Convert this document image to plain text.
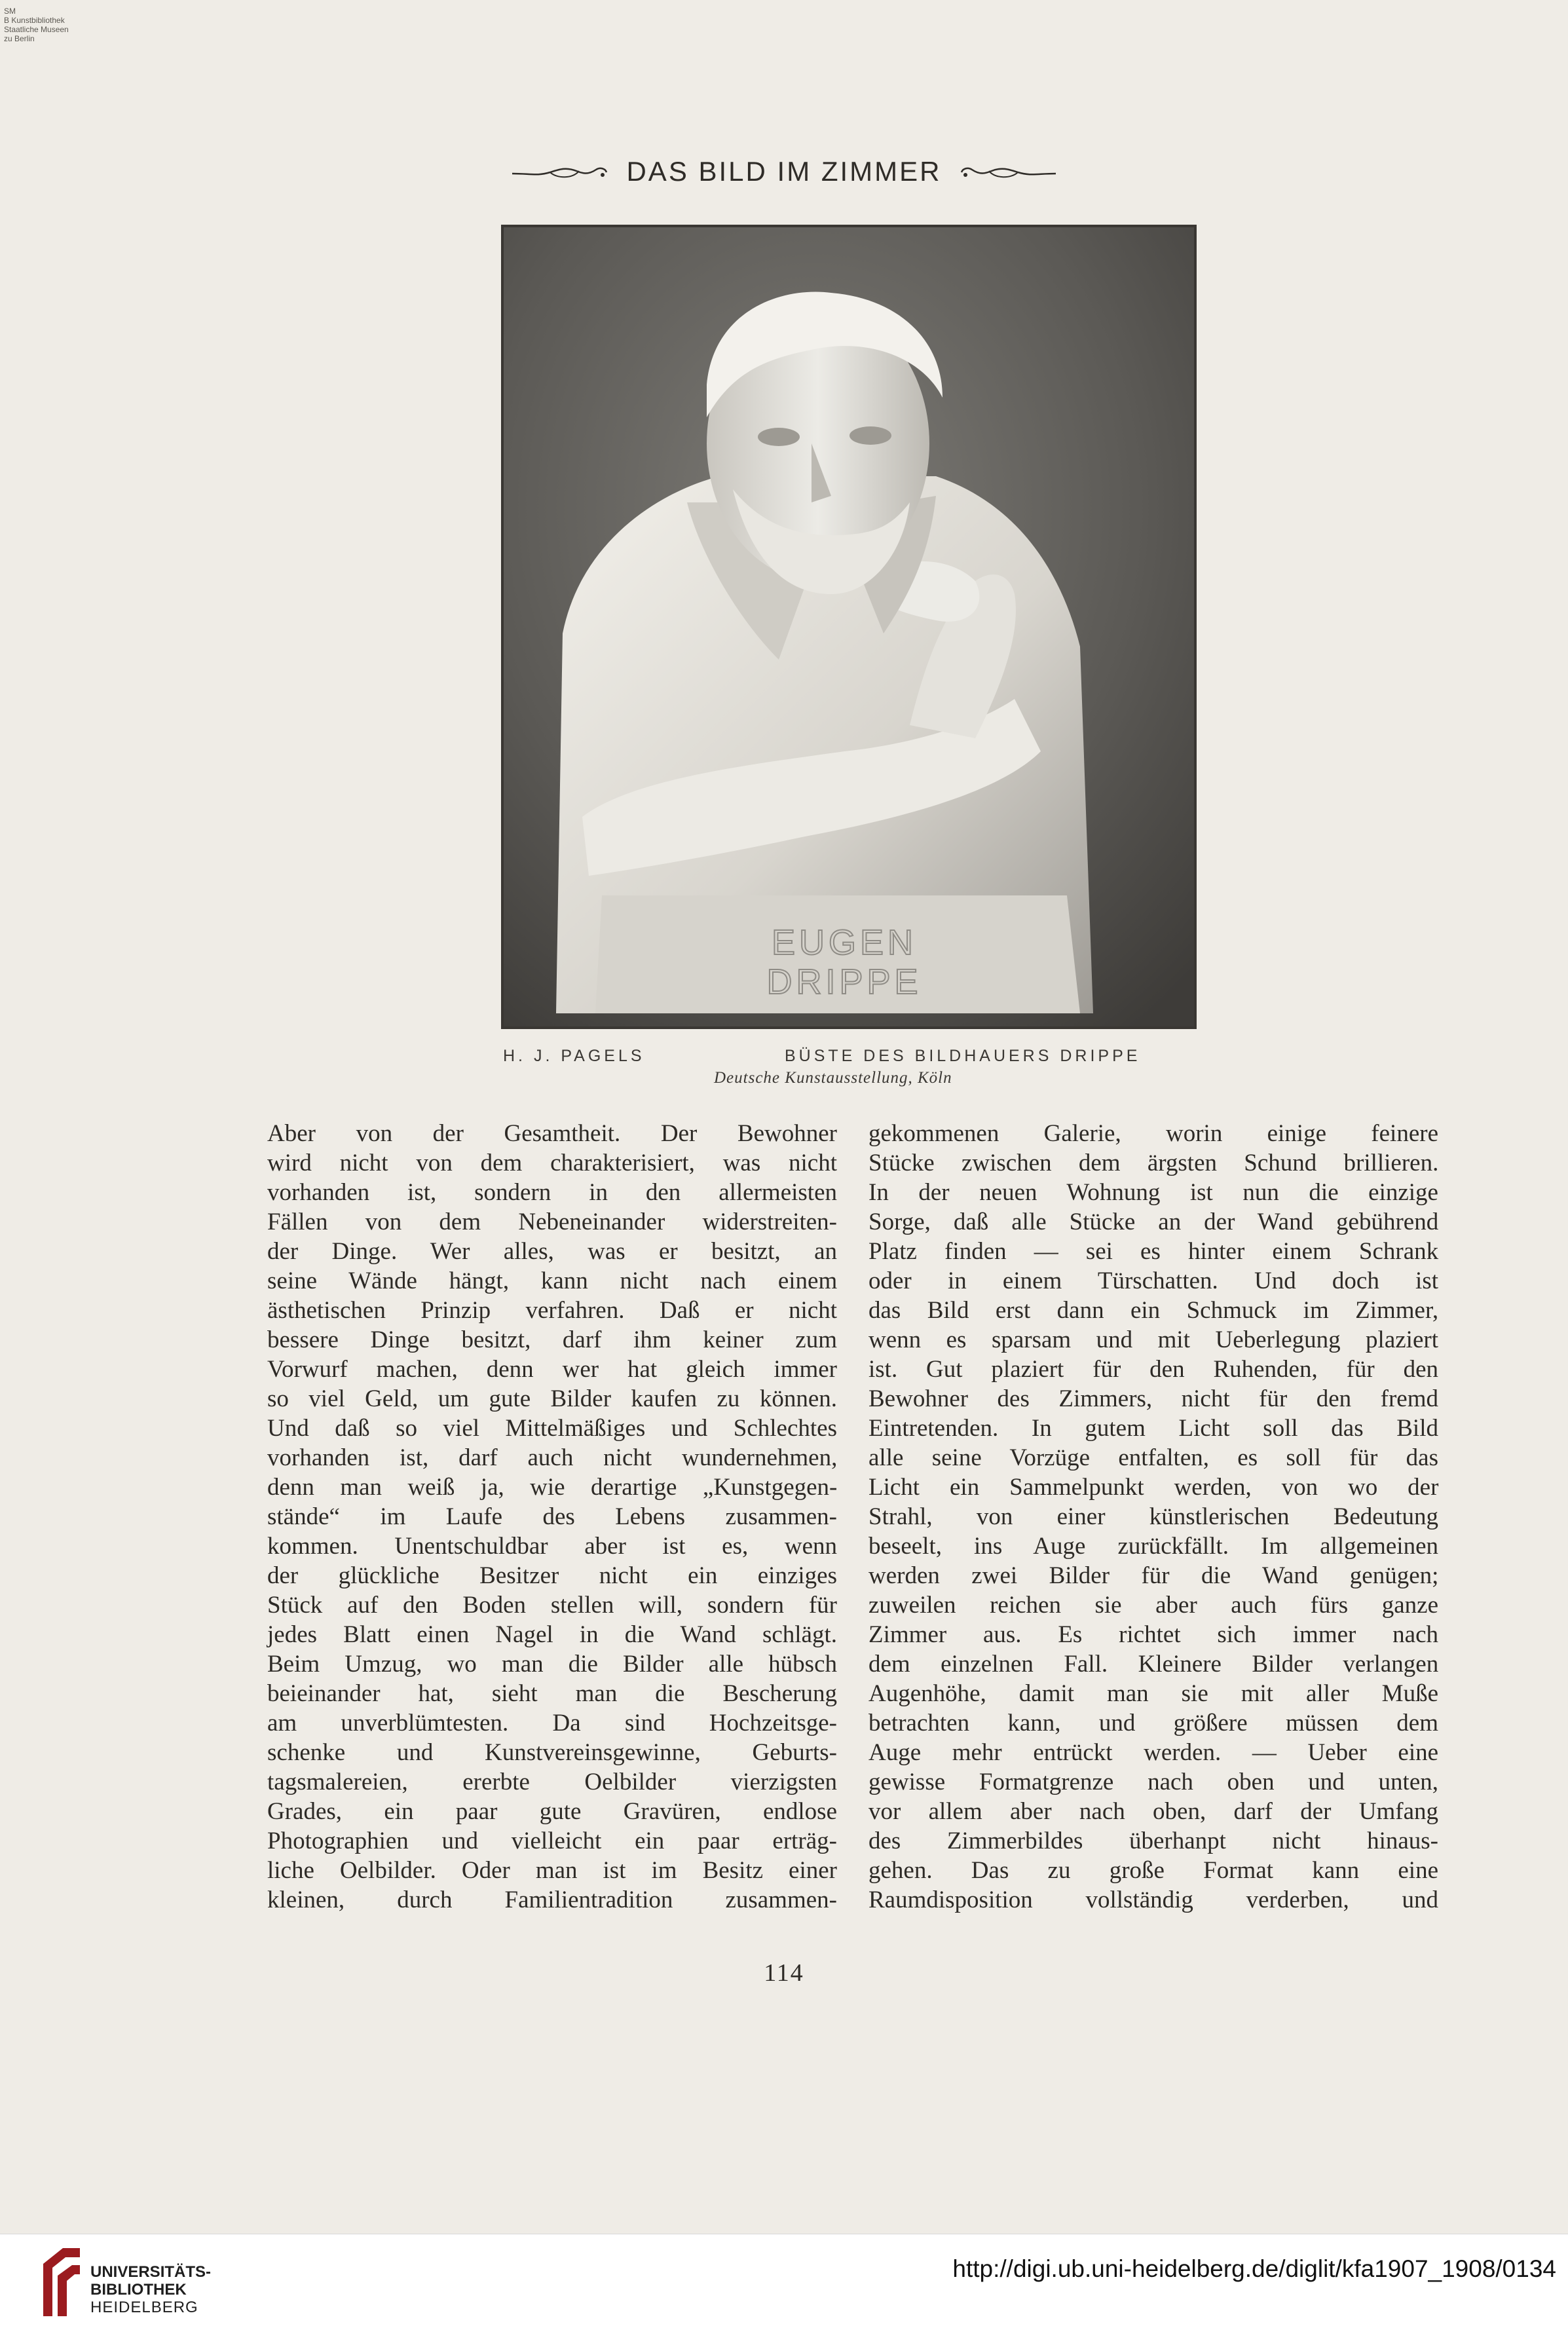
SM
B Kunstbibliothek
Staatliche Museen
zu Berlin
DAS BILD IM ZIMMER
EUGEN
DRIPPE
H. J. PAGELS	BÜSTE DES BILDHAUERS DRIPPE
Deutsche Kunstausstellung, Köln
Aber von der Gesamtheit. Der Bewohner
wird nicht von dem charakterisiert, was nicht
vorhanden ist, sondern in den allermeisten
Fällen von dem Nebeneinander widerstreiten-
der Dinge. Wer alles, was er besitzt, an
seine Wände hängt, kann nicht nach einem
ästhetischen Prinzip verfahren. Daß er nicht
bessere Dinge besitzt, darf ihm keiner zum
Vorwurf machen, denn wer hat gleich immer
so viel Geld, um gute Bilder kaufen zu können.
Und daß so viel Mittelmäßiges und Schlechtes
vorhanden ist, darf auch nicht wundernehmen,
denn man weiß ja, wie derartige „Kunstgegen-
stände“ im Laufe des Lebens zusammen-
kommen. Unentschuldbar aber ist es, wenn
der glückliche Besitzer nicht ein einziges
Stück auf den Boden stellen will, sondern für
jedes Blatt einen Nagel in die Wand schlägt.
Beim Umzug, wo man die Bilder alle hübsch
beieinander hat, sieht man die Bescherung
am unverblümtesten. Da sind Hochzeitsge-
schenke und Kunstvereinsgewinne, Geburts-
tagsmalereien, ererbte Oelbilder vierzigsten
Grades, ein paar gute Gravüren, endlose
Photographien und vielleicht ein paar erträg-
liche Oelbilder. Oder man ist im Besitz einer
kleinen, durch Familientradition zusammen-
gekommenen Galerie, worin einige feinere
Stücke zwischen dem ärgsten Schund brillieren.
In der neuen Wohnung ist nun die einzige
Sorge, daß alle Stücke an der Wand gebührend
Platz finden — sei es hinter einem Schrank
oder in einem Türschatten. Und doch ist
das Bild erst dann ein Schmuck im Zimmer,
wenn es sparsam und mit Ueberlegung plaziert
ist. Gut plaziert für den Ruhenden, für den
Bewohner des Zimmers, nicht für den fremd
Eintretenden. In gutem Licht soll das Bild
alle seine Vorzüge entfalten, es soll für das
Licht ein Sammelpunkt werden, von wo der
Strahl, von einer künstlerischen Bedeutung
beseelt, ins Auge zurückfällt. Im allgemeinen
werden zwei Bilder für die Wand genügen;
zuweilen reichen sie aber auch fürs ganze
Zimmer aus. Es richtet sich immer nach
dem einzelnen Fall. Kleinere Bilder verlangen
Augenhöhe, damit man sie mit aller Muße
betrachten kann, und größere müssen dem
Auge mehr entrückt werden. — Ueber eine
gewisse Formatgrenze nach oben und unten,
vor allem aber nach oben, darf der Umfang
des Zimmerbildes überhanpt nicht hinaus-
gehen. Das zu große Format kann eine
Raumdisposition vollständig verderben, und
114
UNIVERSITÄTS-
BIBLIOTHEK
HEIDELBERG
http://digi.ub.uni-heidelberg.de/diglit/kfa1907_1908/0134
